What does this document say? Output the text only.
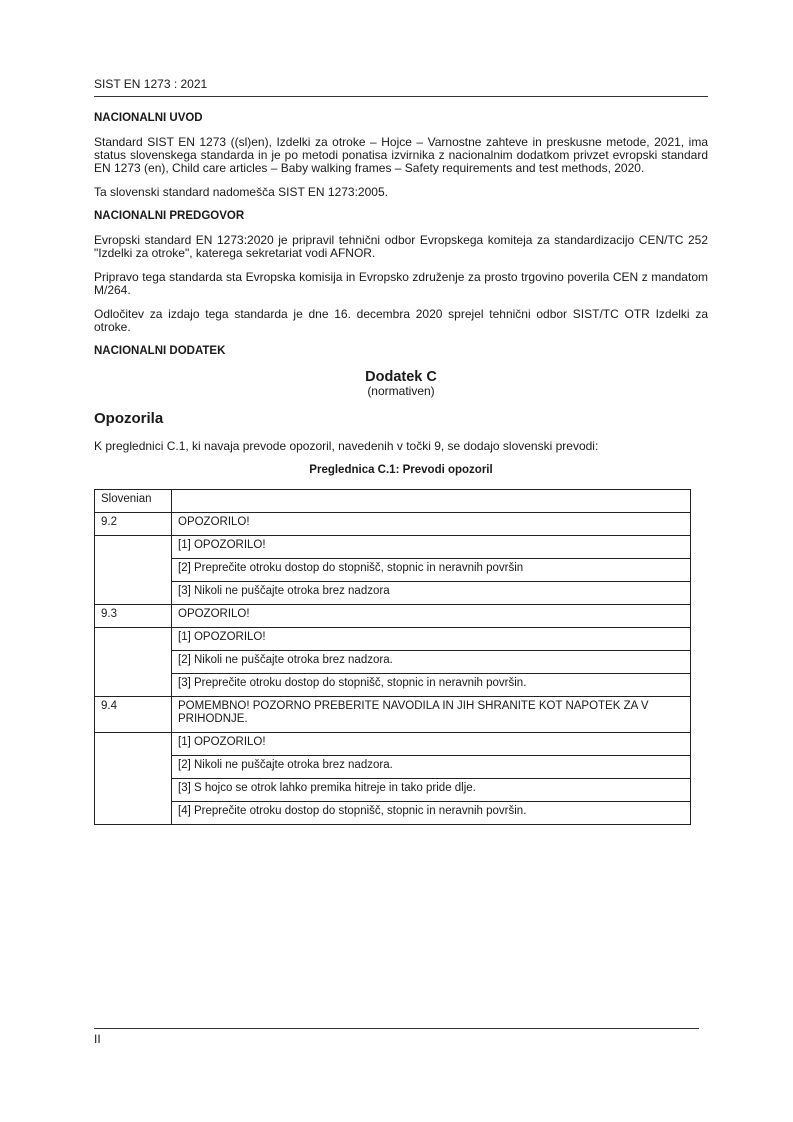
SIST EN 1273 : 2021
NACIONALNI UVOD

Standard SIST EN 1273 ((sl)en), Izdelki za otroke – Hojce – Varnostne zahteve in preskusne metode, 2021, ima status slovenskega standarda in je po metodi ponatisa izvirnika z nacionalnim dodatkom privzet evropski standard EN 1273 (en), Child care articles – Baby walking frames – Safety requirements and test methods, 2020.

Ta slovenski standard nadomešča SIST EN 1273:2005.

NACIONALNI PREDGOVOR

Evropski standard EN 1273:2020 je pripravil tehnični odbor Evropskega komiteja za standardizacijo CEN/TC 252 "Izdelki za otroke", katerega sekretariat vodi AFNOR.

Pripravo tega standarda sta Evropska komisija in Evropsko združenje za prosto trgovino poverila CEN z mandatom M/264.

Odločitev za izdajo tega standarda je dne 16. decembra 2020 sprejel tehnični odbor SIST/TC OTR Izdelki za otroke.

NACIONALNI DODATEK
Dodatek C
(normativen)
Opozorila

K preglednici C.1, ki navaja prevode opozoril, navedenih v točki 9, se dodajo slovenski prevodi:

Preglednica C.1: Prevodi opozoril
Slovenian	
9.2	OPOZORILO!
	[1] OPOZORILO!
	[2] Preprečite otroku dostop do stopnišč, stopnic in neravnih površin
	[3] Nikoli ne puščajte otroka brez nadzora
9.3	OPOZORILO!
	[1] OPOZORILO!
	[2] Nikoli ne puščajte otroka brez nadzora.
	[3] Preprečite otroku dostop do stopnišč, stopnic in neravnih površin.
9.4	POMEMBNO! POZORNO PREBERITE NAVODILA IN JIH SHRANITE KOT NAPOTEK ZA V PRIHODNJE.
	[1] OPOZORILO!
	[2] Nikoli ne puščajte otroka brez nadzora.
	[3] S hojco se otrok lahko premika hitreje in tako pride dlje.
	[4] Preprečite otroku dostop do stopnišč, stopnic in neravnih površin.
II
